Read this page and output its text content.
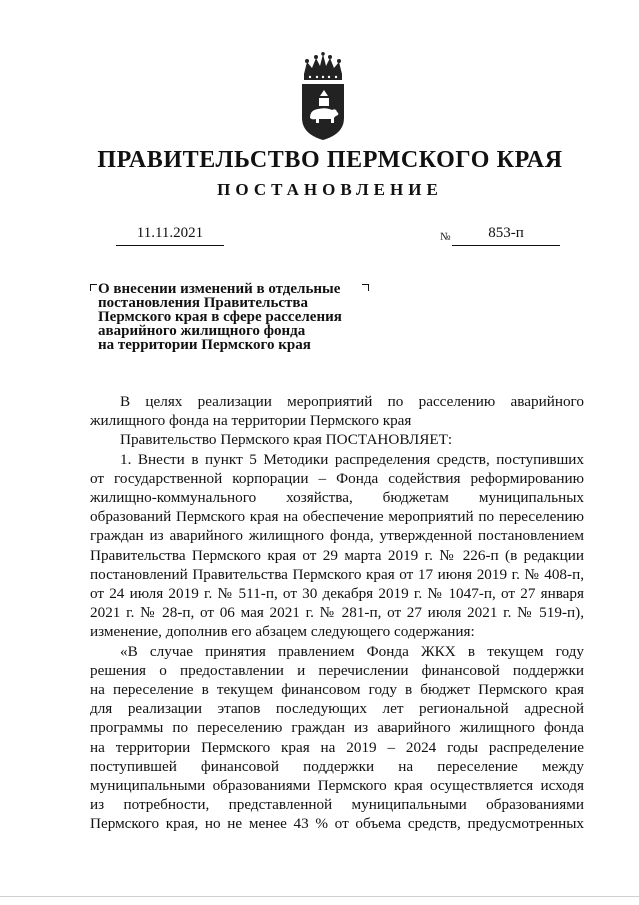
ПРАВИТЕЛЬСТВО ПЕРМСКОГО КРАЯ
ПОСТАНОВЛЕНИЕ
11.11.2021	№	853-п
О внесении изменений в отдельные
постановления Правительства
Пермского края в сфере расселения
аварийного жилищного фонда
на территории Пермского края
В целях реализации мероприятий по расселению аварийного
жилищного фонда на территории Пермского края
Правительство Пермского края ПОСТАНОВЛЯЕТ:
1. Внести в пункт 5 Методики распределения средств, поступивших
от государственной корпорации – Фонда содействия реформированию
жилищно-коммунального хозяйства, бюджетам муниципальных
образований Пермского края на обеспечение мероприятий по переселению
граждан из аварийного жилищного фонда, утвержденной постановлением
Правительства Пермского края от 29 марта 2019 г. № 226-п (в редакции
постановлений Правительства Пермского края от 17 июня 2019 г. № 408-п,
от 24 июля 2019 г. № 511-п, от 30 декабря 2019 г. № 1047-п, от 27 января
2021 г. № 28-п, от 06 мая 2021 г. № 281-п, от 27 июля 2021 г. № 519-п),
изменение, дополнив его абзацем следующего содержания:
«В случае принятия правлением Фонда ЖКХ в текущем году
решения о предоставлении и перечислении финансовой поддержки
на переселение в текущем финансовом году в бюджет Пермского края
для реализации этапов последующих лет региональной адресной
программы по переселению граждан из аварийного жилищного фонда
на территории Пермского края на 2019 – 2024 годы распределение
поступившей финансовой поддержки на переселение между
муниципальными образованиями Пермского края осуществляется исходя
из потребности, представленной муниципальными образованиями
Пермского края, но не менее 43 % от объема средств, предусмотренных
